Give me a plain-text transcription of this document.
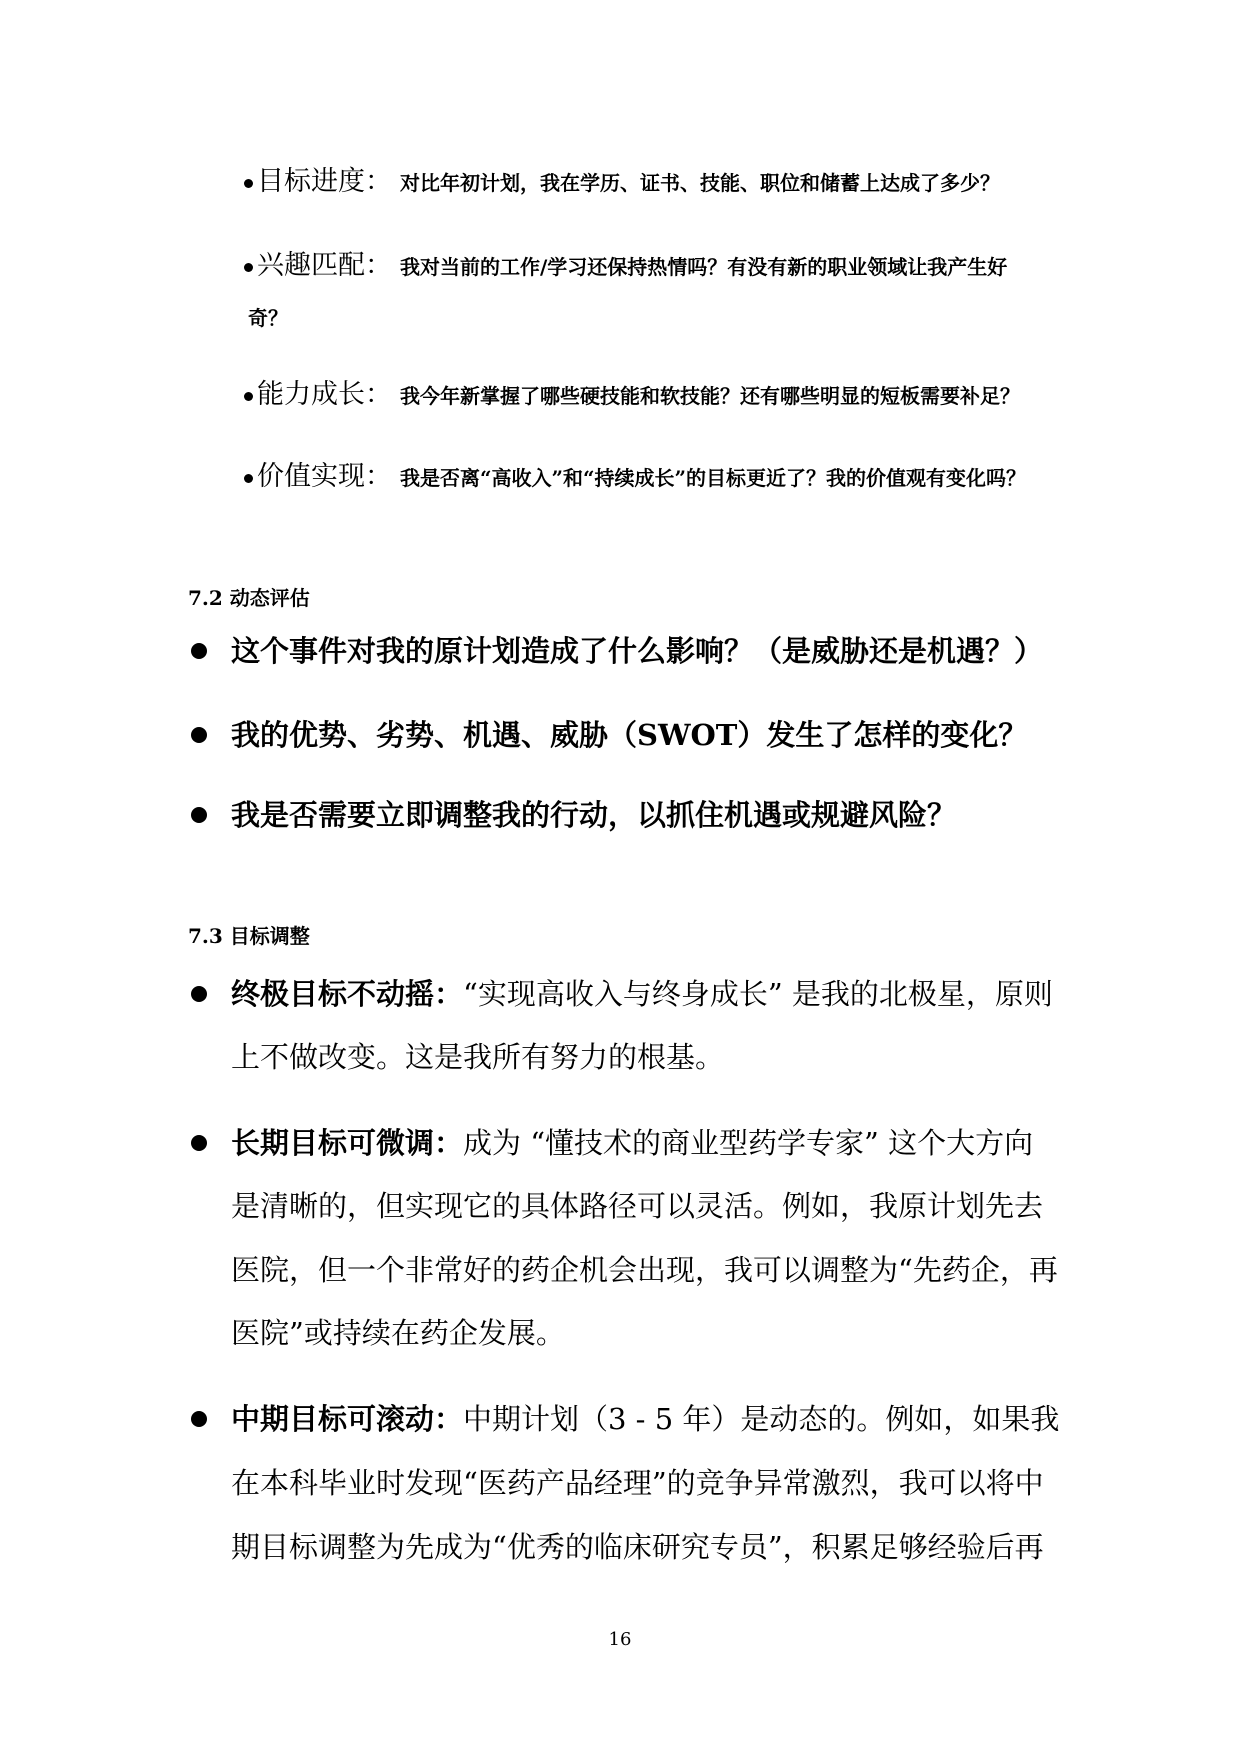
目标进度： 对比年初计划，我在学历、证书、技能、职位和储蓄上达成了多少？
兴趣匹配： 我对当前的工作/学习还保持热情吗？有没有新的职业领域让我产生好
奇？
能力成长： 我今年新掌握了哪些硬技能和软技能？还有哪些明显的短板需要补足？
价值实现： 我是否离“高收入”和“持续成长”的目标更近了？我的价值观有变化吗？
7.2 动态评估
这个事件对我的原计划造成了什么影响？（是威胁还是机遇？）
我的优势、劣势、机遇、威胁（SWOT）发生了怎样的变化？
我是否需要立即调整我的行动，以抓住机遇或规避风险？
7.3 目标调整
终极目标不动摇：“实现高收入与终身成长” 是我的北极星，原则
上不做改变。这是我所有努力的根基。
长期目标可微调：成为 “懂技术的商业型药学专家” 这个大方向
是清晰的，但实现它的具体路径可以灵活。例如，我原计划先去
医院，但一个非常好的药企机会出现，我可以调整为“先药企，再
医院”或持续在药企发展。
中期目标可滚动：中期计划（3 - 5 年）是动态的。例如，如果我
在本科毕业时发现“医药产品经理”的竞争异常激烈，我可以将中
期目标调整为先成为“优秀的临床研究专员”，积累足够经验后再
16
